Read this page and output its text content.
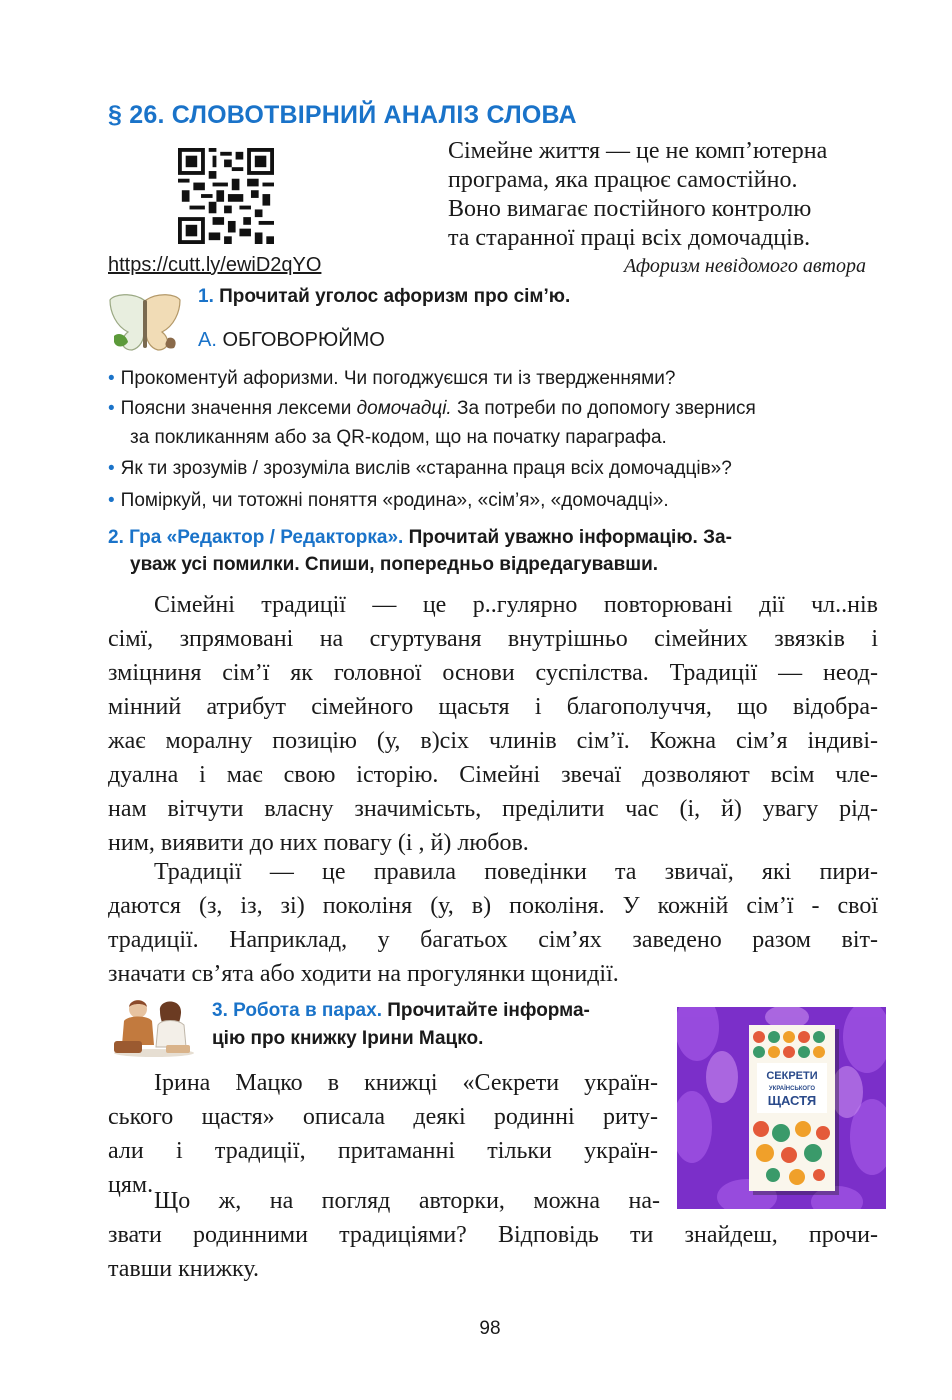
§ 26. СЛОВОТВІРНИЙ АНАЛІЗ СЛОВА
https://cutt.ly/ewiD2qYO
Сімейне життя — це не комп’ютерна
програма, яка працює самостійно.
Воно вимагає постійного контролю
та старанної праці всіх домочадців.
Афоризм невідомого автора
1. Прочитай уголос афоризм про сім’ю.
А. ОБГОВОРЮЙМО
• Прокоментуй афоризми. Чи погоджуєшся ти із твердженнями?
• Поясни значення лексеми домочадці. За потреби по допомогу звернися
за покликанням або за QR-кодом, що на початку параграфа.
• Як ти зрозумів / зрозуміла вислів «старанна праця всіх домочадців»?
• Поміркуй, чи тотожні поняття «родина», «сім’я», «домочадці».
2. Гра «Редактор / Редакторка». Прочитай уважно інформацію. За-
уваж усі помилки. Спиши, попередньо відредагувавши.
Сімейні традиції — це р..гулярно повторювані дії чл..нів
сімї, зпрямовані на сгуртуваня внутрішньо сімейних звязків і
зміцниня сім’ї як головної основи суспілства. Традиції — неод-
мінний атрибут сімейного щасьтя і благополуччя, що відобра-
жає моралну позицію (у, в)сіх члинів сім’ї. Кожна сім’я індиві-
дуална і має свою історію. Сімейні звечаї дозволяют всім чле-
нам вітчути власну значимісьть, преділити час (і, й) увагу рід-
ним, виявити до них повагу (і , й) любов.
Традиції — це правила поведінки та звичаї, які пири-
даются (з, із, зі) поколіня (у, в) поколіня. У кожній сім’ї - свої
традиції. Наприклад, у багатьох сім’ях заведено разом віт-
значати св’ята або ходити на прогулянки щонидії.
3. Робота в парах. Прочитайте інформа-
цію про книжку Ірини Мацко.
СЕКРЕТИ
УКРАЇНСЬКОГО
ЩАСТЯ
Ірина Мацко в книжці «Секрети україн-
ського щастя» описала деякі родинні риту-
али і традиції, притаманні тільки україн-
цям.
Що ж, на погляд авторки, можна на-
звати родинними традиціями? Відповідь ти знайдеш, прочи-
тавши книжку.
98
